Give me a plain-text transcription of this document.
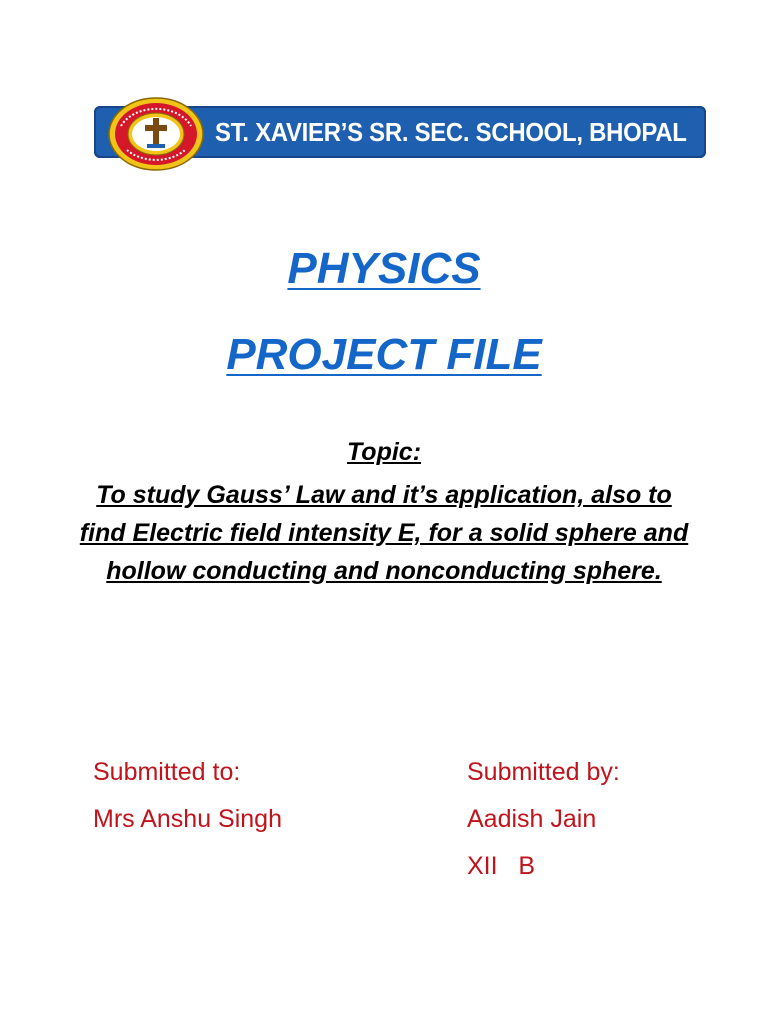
ST. XAVIER’S SR. SEC. SCHOOL, BHOPAL
PHYSICS
PROJECT FILE
Topic:
To study Gauss’ Law and it’s application, also to find Electric field intensity E, for a solid sphere and hollow conducting and nonconducting sphere.
Submitted to:
Mrs Anshu Singh
Submitted by:
Aadish Jain
XII   B
